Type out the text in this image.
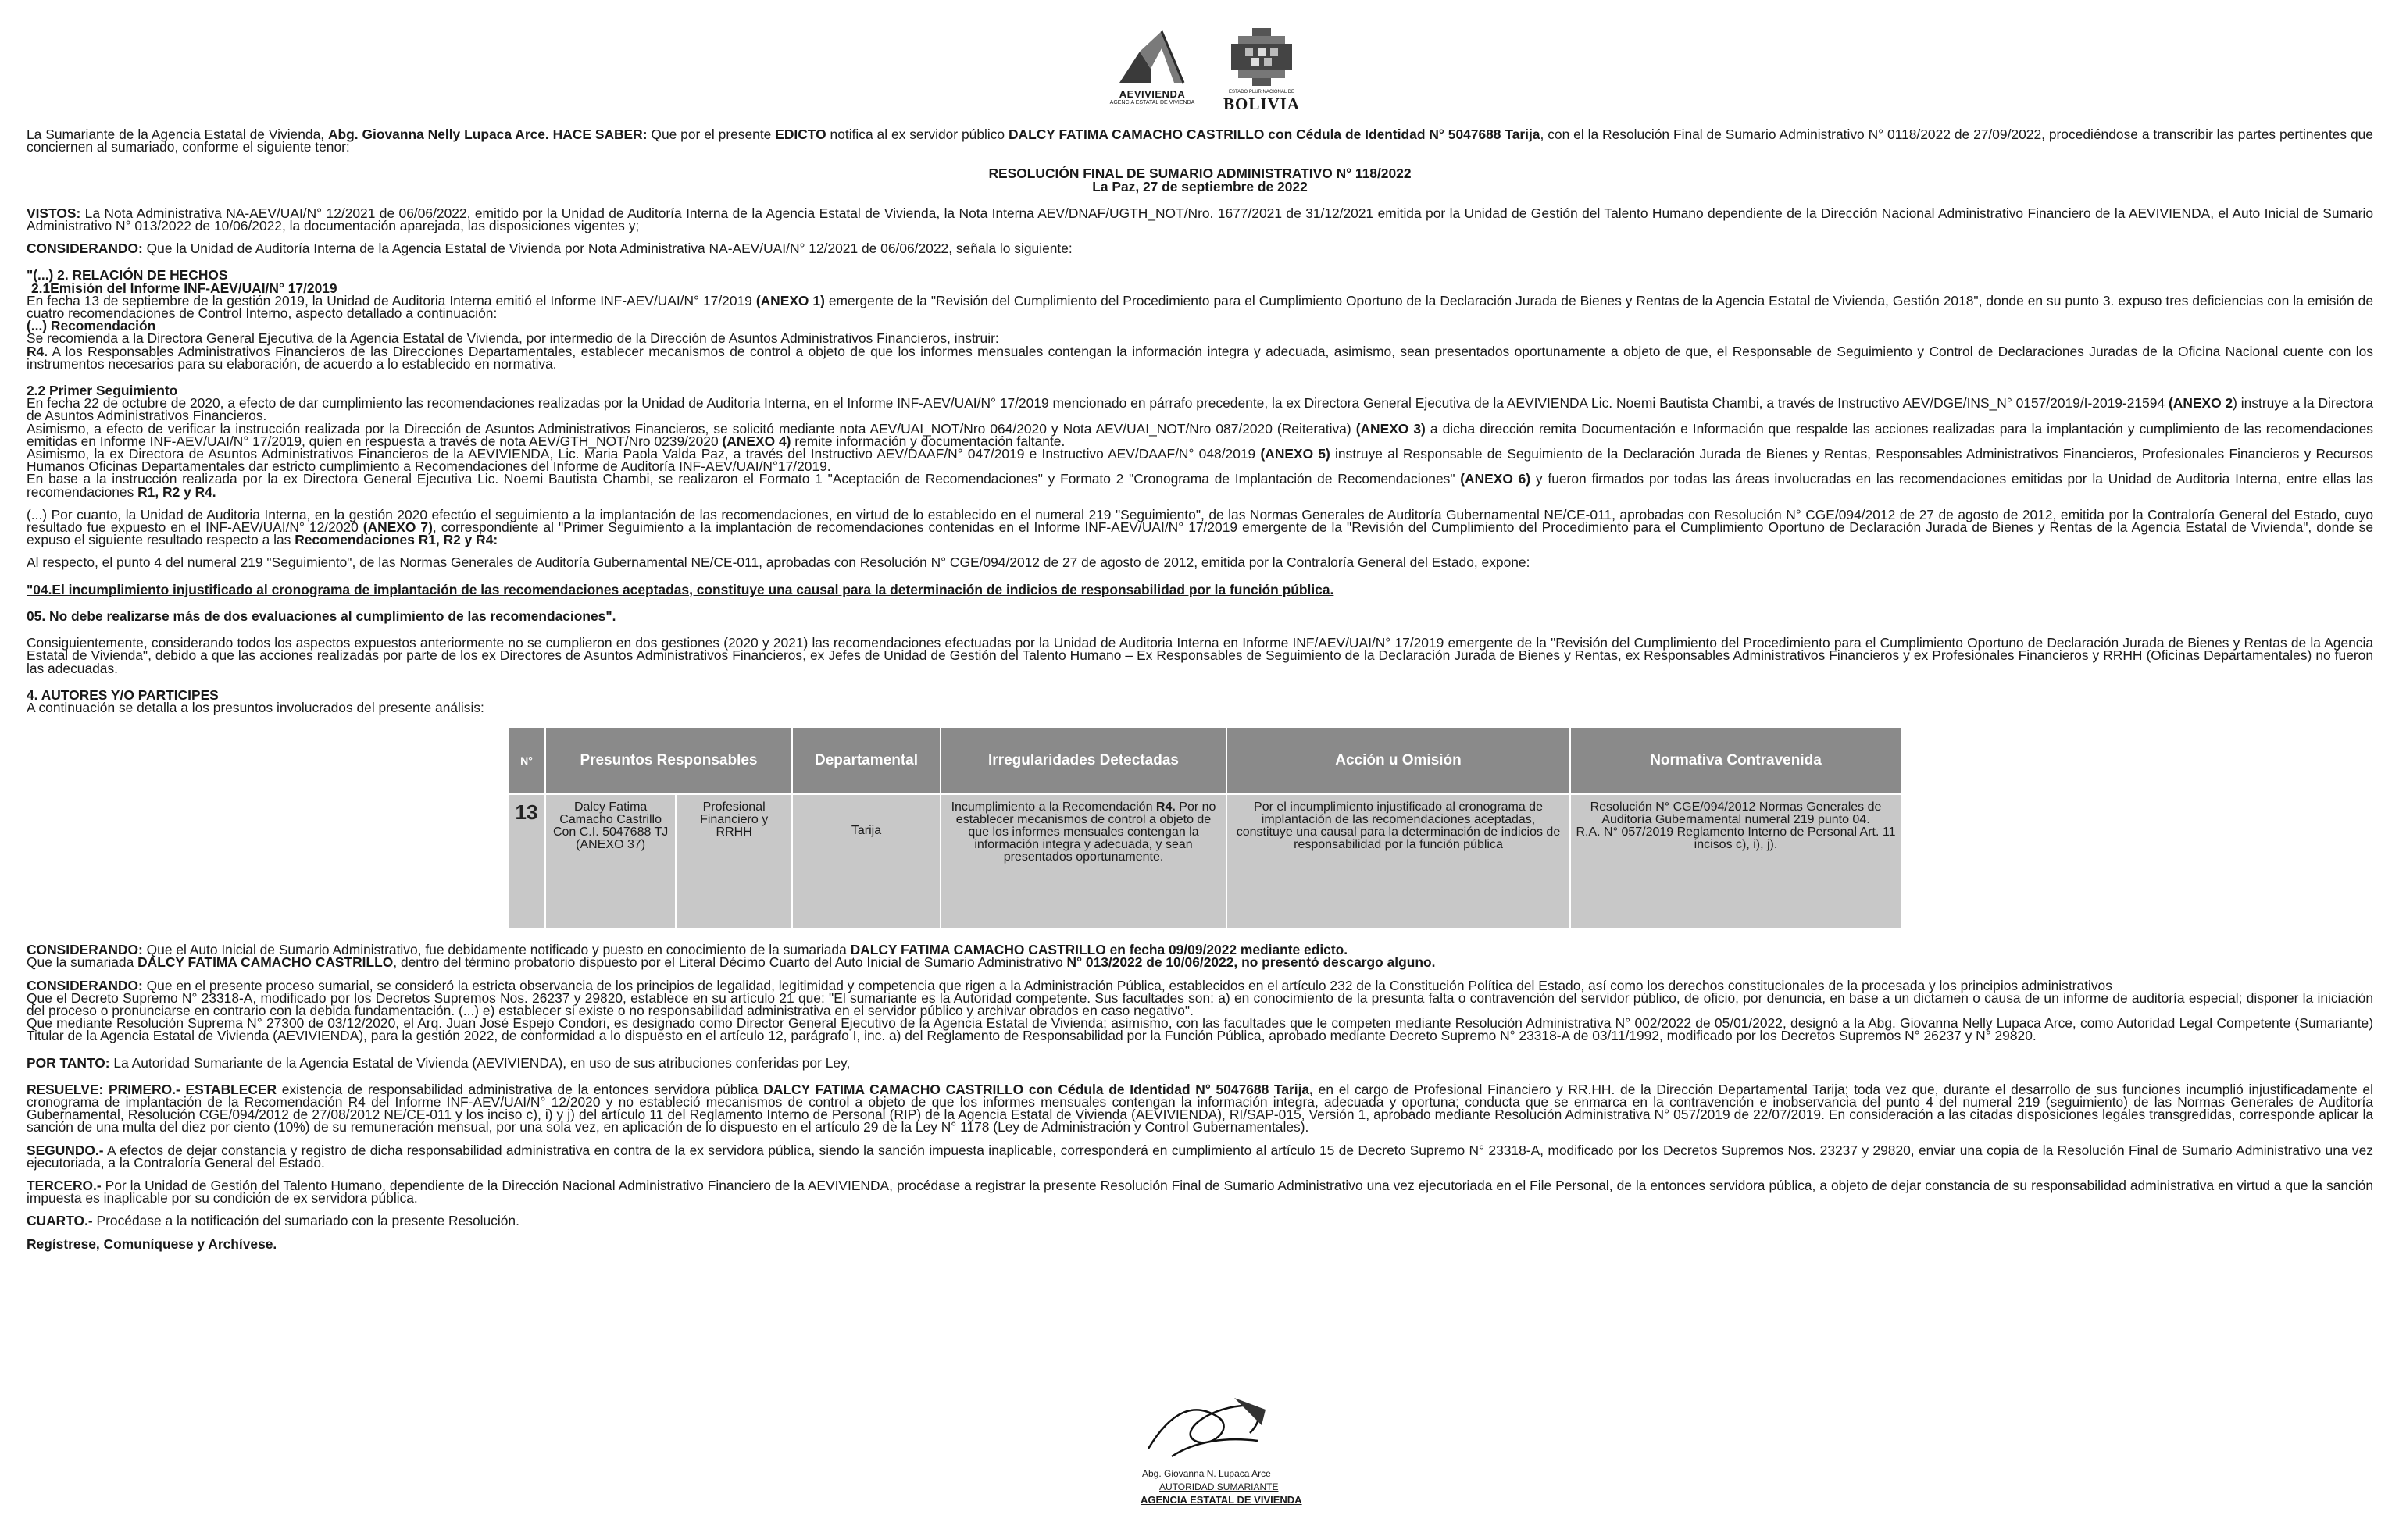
AEVIVIENDA
AGENCIA ESTATAL DE VIVIENDA
ESTADO PLURINACIONAL DE
BOLIVIA

La Sumariante de la Agencia Estatal de Vivienda, Abg. Giovanna Nelly Lupaca Arce. HACE SABER: Que por el presente EDICTO notifica al ex servidor público DALCY FATIMA CAMACHO CASTRILLO con Cédula de Identidad N° 5047688 Tarija, con el la Resolución Final de Sumario Administrativo N° 0118/2022 de 27/09/2022, procediéndose a transcribir las partes pertinentes que conciernen al sumariado, conforme el siguiente tenor:

RESOLUCIÓN FINAL DE SUMARIO ADMINISTRATIVO N° 118/2022

La Paz, 27 de septiembre de 2022

VISTOS: La Nota Administrativa NA-AEV/UAI/N° 12/2021 de 06/06/2022, emitido por la Unidad de Auditoría Interna de la Agencia Estatal de Vivienda, la Nota Interna AEV/DNAF/UGTH_NOT/Nro. 1677/2021 de 31/12/2021 emitida por la Unidad de Gestión del Talento Humano dependiente de la Dirección Nacional Administrativo Financiero de la AEVIVIENDA, el Auto Inicial de Sumario Administrativo N° 013/2022 de 10/06/2022, la documentación aparejada, las disposiciones vigentes y;

CONSIDERANDO: Que la Unidad de Auditoría Interna de la Agencia Estatal de Vivienda por Nota Administrativa NA-AEV/UAI/N° 12/2021 de 06/06/2022, señala lo siguiente:

"(...) 2. RELACIÓN DE HECHOS

2.1Emisión del Informe INF-AEV/UAI/N° 17/2019

En fecha 13 de septiembre de la gestión 2019, la Unidad de Auditoria Interna emitió el Informe INF-AEV/UAI/N° 17/2019 (ANEXO 1) emergente de la "Revisión del Cumplimiento del Procedimiento para el Cumplimiento Oportuno de la Declaración Jurada de Bienes y Rentas de la Agencia Estatal de Vivienda, Gestión 2018", donde en su punto 3. expuso tres deficiencias con la emisión de cuatro recomendaciones de Control Interno, aspecto detallado a continuación:

(...) Recomendación

Se recomienda a la Directora General Ejecutiva de la Agencia Estatal de Vivienda, por intermedio de la Dirección de Asuntos Administrativos Financieros, instruir:

R4. A los Responsables Administrativos Financieros de las Direcciones Departamentales, establecer mecanismos de control a objeto de que los informes mensuales contengan la información integra y adecuada, asimismo, sean presentados oportunamente a objeto de que, el Responsable de Seguimiento y Control de Declaraciones Juradas de la Oficina Nacional cuente con los instrumentos necesarios para su elaboración, de acuerdo a lo establecido en normativa.

2.2 Primer Seguimiento

En fecha 22 de octubre de 2020, a efecto de dar cumplimiento las recomendaciones realizadas por la Unidad de Auditoria Interna, en el Informe INF-AEV/UAI/N° 17/2019 mencionado en párrafo precedente, la ex Directora General Ejecutiva de la AEVIVIENDA Lic. Noemi Bautista Chambi, a través de Instructivo AEV/DGE/INS_N° 0157/2019/I-2019-21594 (ANEXO 2) instruye a la Directora de Asuntos Administrativos Financieros.

Asimismo, a efecto de verificar la instrucción realizada por la Dirección de Asuntos Administrativos Financieros, se solicitó mediante nota AEV/UAI_NOT/Nro 064/2020 y Nota AEV/UAI_NOT/Nro 087/2020 (Reiterativa) (ANEXO 3) a dicha dirección remita Documentación e Información que respalde las acciones realizadas para la implantación y cumplimiento de las recomendaciones emitidas en Informe INF-AEV/UAI/N° 17/2019, quien en respuesta a través de nota AEV/GTH_NOT/Nro 0239/2020 (ANEXO 4) remite información y documentación faltante.

Asimismo, la ex Directora de Asuntos Administrativos Financieros de la AEVIVIENDA, Lic. Maria Paola Valda Paz, a través del Instructivo AEV/DAAF/N° 047/2019 e Instructivo AEV/DAAF/N° 048/2019 (ANEXO 5) instruye al Responsable de Seguimiento de la Declaración Jurada de Bienes y Rentas, Responsables Administrativos Financieros, Profesionales Financieros y Recursos Humanos Oficinas Departamentales dar estricto cumplimiento a Recomendaciones del Informe de Auditoría INF-AEV/UAI/N°17/2019.

En base a la instrucción realizada por la ex Directora General Ejecutiva Lic. Noemi Bautista Chambi, se realizaron el Formato 1 "Aceptación de Recomendaciones" y Formato 2 "Cronograma de Implantación de Recomendaciones" (ANEXO 6) y fueron firmados por todas las áreas involucradas en las recomendaciones emitidas por la Unidad de Auditoria Interna, entre ellas las recomendaciones R1, R2 y R4.

(...) Por cuanto, la Unidad de Auditoria Interna, en la gestión 2020 efectúo el seguimiento a la implantación de las recomendaciones, en virtud de lo establecido en el numeral 219 "Seguimiento", de las Normas Generales de Auditoría Gubernamental NE/CE-011, aprobadas con Resolución N° CGE/094/2012 de 27 de agosto de 2012, emitida por la Contraloría General del Estado, cuyo resultado fue expuesto en el INF-AEV/UAI/N° 12/2020 (ANEXO 7), correspondiente al "Primer Seguimiento a la implantación de recomendaciones contenidas en el Informe INF-AEV/UAI/N° 17/2019 emergente de la "Revisión del Cumplimiento del Procedimiento para el Cumplimiento Oportuno de Declaración Jurada de Bienes y Rentas de la Agencia Estatal de Vivienda", donde se expuso el siguiente resultado respecto a las Recomendaciones R1, R2 y R4:

Al respecto, el punto 4 del numeral 219 "Seguimiento", de las Normas Generales de Auditoría Gubernamental NE/CE-011, aprobadas con Resolución N° CGE/094/2012 de 27 de agosto de 2012, emitida por la Contraloría General del Estado, expone:

"04.El incumplimiento injustificado al cronograma de implantación de las recomendaciones aceptadas, constituye una causal para la determinación de indicios de responsabilidad por la función pública.

05. No debe realizarse más de dos evaluaciones al cumplimiento de las recomendaciones".

Consiguientemente, considerando todos los aspectos expuestos anteriormente no se cumplieron en dos gestiones (2020 y 2021) las recomendaciones efectuadas por la Unidad de Auditoria Interna en Informe INF/AEV/UAI/N° 17/2019 emergente de la "Revisión del Cumplimiento del Procedimiento para el Cumplimiento Oportuno de Declaración Jurada de Bienes y Rentas de la Agencia Estatal de Vivienda", debido a que las acciones realizadas por parte de los ex Directores de Asuntos Administrativos Financieros, ex Jefes de Unidad de Gestión del Talento Humano – Ex Responsables de Seguimiento de la Declaración Jurada de Bienes y Rentas, ex Responsables Administrativos Financieros y ex Profesionales Financieros y RRHH (Oficinas Departamentales) no fueron las adecuadas.

4. AUTORES Y/O PARTICIPES

A continuación se detalla a los presuntos involucrados del presente análisis:

N°	Presuntos Responsables		Departamental	Irregularidades Detectadas	Acción u Omisión	Normativa Contravenida
13	Dalcy Fatima Camacho Castrillo Con C.I. 5047688 TJ (ANEXO 37)	Profesional Financiero y RRHH	Tarija	Incumplimiento a la Recomendación R4. Por no establecer mecanismos de control a objeto de que los informes mensuales contengan la información integra y adecuada, y sean presentados oportunamente.	Por el incumplimiento injustificado al cronograma de implantación de las recomendaciones aceptadas, constituye una causal para la determinación de indicios de responsabilidad por la función pública	Resolución N° CGE/094/2012 Normas Generales de Auditoría Gubernamental numeral 219 punto 04.
R.A. N° 057/2019 Reglamento Interno de Personal Art. 11 incisos c), i), j).

CONSIDERANDO: Que el Auto Inicial de Sumario Administrativo, fue debidamente notificado y puesto en conocimiento de la sumariada DALCY FATIMA CAMACHO CASTRILLO en fecha 09/09/2022 mediante edicto.

Que la sumariada DALCY FATIMA CAMACHO CASTRILLO, dentro del término probatorio dispuesto por el Literal Décimo Cuarto del Auto Inicial de Sumario Administrativo N° 013/2022 de 10/06/2022, no presentó descargo alguno.

CONSIDERANDO: Que en el presente proceso sumarial, se consideró la estricta observancia de los principios de legalidad, legitimidad y competencia que rigen a la Administración Pública, establecidos en el artículo 232 de la Constitución Política del Estado, así como los derechos constitucionales de la procesada y los principios administrativos

Que el Decreto Supremo N° 23318-A, modificado por los Decretos Supremos Nos. 26237 y 29820, establece en su artículo 21 que: "El sumariante es la Autoridad competente. Sus facultades son: a) en conocimiento de la presunta falta o contravención del servidor público, de oficio, por denuncia, en base a un dictamen o causa de un informe de auditoría especial; disponer la iniciación del proceso o pronunciarse en contrario con la debida fundamentación. (...) e) establecer si existe o no responsabilidad administrativa en el servidor público y archivar obrados en caso negativo".

Que mediante Resolución Suprema N° 27300 de 03/12/2020, el Arq. Juan José Espejo Condori, es designado como Director General Ejecutivo de la Agencia Estatal de Vivienda; asimismo, con las facultades que le competen mediante Resolución Administrativa N° 002/2022 de 05/01/2022, designó a la Abg. Giovanna Nelly Lupaca Arce, como Autoridad Legal Competente (Sumariante) Titular de la Agencia Estatal de Vivienda (AEVIVIENDA), para la gestión 2022, de conformidad a lo dispuesto en el artículo 12, parágrafo I, inc. a) del Reglamento de Responsabilidad por la Función Pública, aprobado mediante Decreto Supremo N° 23318-A de 03/11/1992, modificado por los Decretos Supremos N° 26237 y N° 29820.

POR TANTO: La Autoridad Sumariante de la Agencia Estatal de Vivienda (AEVIVIENDA), en uso de sus atribuciones conferidas por Ley,

RESUELVE: PRIMERO.- ESTABLECER existencia de responsabilidad administrativa de la entonces servidora pública DALCY FATIMA CAMACHO CASTRILLO con Cédula de Identidad N° 5047688 Tarija, en el cargo de Profesional Financiero y RR.HH. de la Dirección Departamental Tarija; toda vez que, durante el desarrollo de sus funciones incumplió injustificadamente el cronograma de implantación de la Recomendación R4 del Informe INF-AEV/UAI/N° 12/2020 y no estableció mecanismos de control a objeto de que los informes mensuales contengan la información integra, adecuada y oportuna; conducta que se enmarca en la contravención e inobservancia del punto 4 del numeral 219 (seguimiento) de las Normas Generales de Auditoría Gubernamental, Resolución CGE/094/2012 de 27/08/2012 NE/CE-011 y los inciso c), i) y j) del artículo 11 del Reglamento Interno de Personal (RIP) de la Agencia Estatal de Vivienda (AEVIVIENDA), RI/SAP-015, Versión 1, aprobado mediante Resolución Administrativa N° 057/2019 de 22/07/2019. En consideración a las citadas disposiciones legales transgredidas, corresponde aplicar la sanción de una multa del diez por ciento (10%) de su remuneración mensual, por una sola vez, en aplicación de lo dispuesto en el artículo 29 de la Ley N° 1178 (Ley de Administración y Control Gubernamentales).

SEGUNDO.- A efectos de dejar constancia y registro de dicha responsabilidad administrativa en contra de la ex servidora pública, siendo la sanción impuesta inaplicable, corresponderá en cumplimiento al artículo 15 de Decreto Supremo N° 23318-A, modificado por los Decretos Supremos Nos. 23237 y 29820, enviar una copia de la Resolución Final de Sumario Administrativo una vez ejecutoriada, a la Contraloría General del Estado.

TERCERO.- Por la Unidad de Gestión del Talento Humano, dependiente de la Dirección Nacional Administrativo Financiero de la AEVIVIENDA, procédase a registrar la presente Resolución Final de Sumario Administrativo una vez ejecutoriada en el File Personal, de la entonces servidora pública, a objeto de dejar constancia de su responsabilidad administrativa en virtud a que la sanción impuesta es inaplicable por su condición de ex servidora pública.

CUARTO.- Procédase a la notificación del sumariado con la presente Resolución.

Regístrese, Comuníquese y Archívese.

Abg. Giovanna N. Lupaca Arce
AUTORIDAD SUMARIANTE
AGENCIA ESTATAL DE VIVIENDA
